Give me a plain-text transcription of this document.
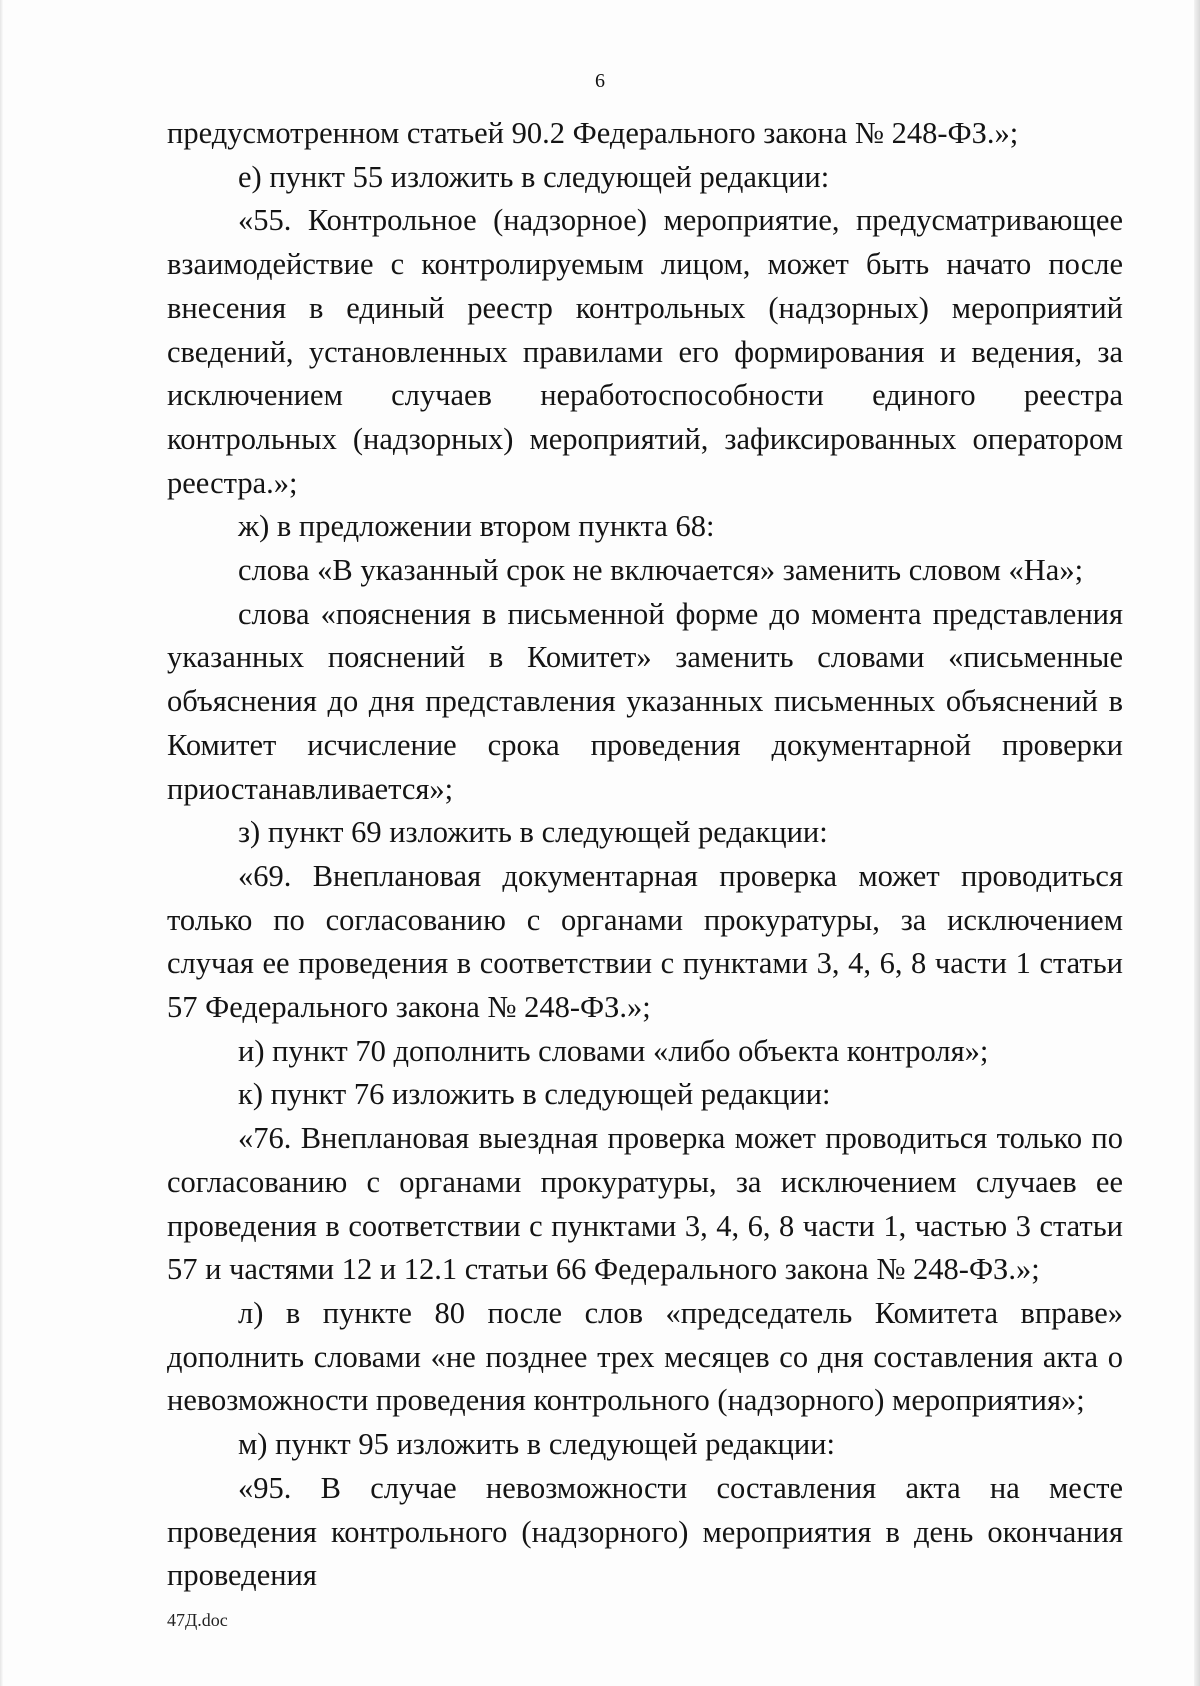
6

предусмотренном статьей 90.2 Федерального закона № 248-ФЗ.»;

е) пункт 55 изложить в следующей редакции:

«55. Контрольное (надзорное) мероприятие, предусматривающее взаимодействие с контролируемым лицом, может быть начато после внесения в единый реестр контрольных (надзорных) мероприятий сведений, установленных правилами его формирования и ведения, за исключением случаев неработоспособности единого реестра контрольных (надзорных) мероприятий, зафиксированных оператором реестра.»;

ж) в предложении втором пункта 68:

слова «В указанный срок не включается» заменить словом «На»;

слова «пояснения в письменной форме до момента представления указанных пояснений в Комитет» заменить словами «письменные объяснения до дня представления указанных письменных объяснений в Комитет исчисление срока проведения документарной проверки приостанавливается»;

з) пункт 69 изложить в следующей редакции:

«69. Внеплановая документарная проверка может проводиться только по согласованию с органами прокуратуры, за исключением случая ее проведения в соответствии с пунктами 3, 4, 6, 8 части 1 статьи 57 Федерального закона № 248-ФЗ.»;

и) пункт 70 дополнить словами «либо объекта контроля»;

к) пункт 76 изложить в следующей редакции:

«76. Внеплановая выездная проверка может проводиться только по согласованию с органами прокуратуры, за исключением случаев ее проведения в соответствии с пунктами 3, 4, 6, 8 части 1, частью 3 статьи 57 и частями 12 и 12.1 статьи 66 Федерального закона № 248-ФЗ.»;

л) в пункте 80 после слов «председатель Комитета вправе» дополнить словами «не позднее трех месяцев со дня составления акта о невозможности проведения контрольного (надзорного) мероприятия»;

м) пункт 95 изложить в следующей редакции:

«95. В случае невозможности составления акта на месте проведения контрольного (надзорного) мероприятия в день окончания проведения

47Д.doc
